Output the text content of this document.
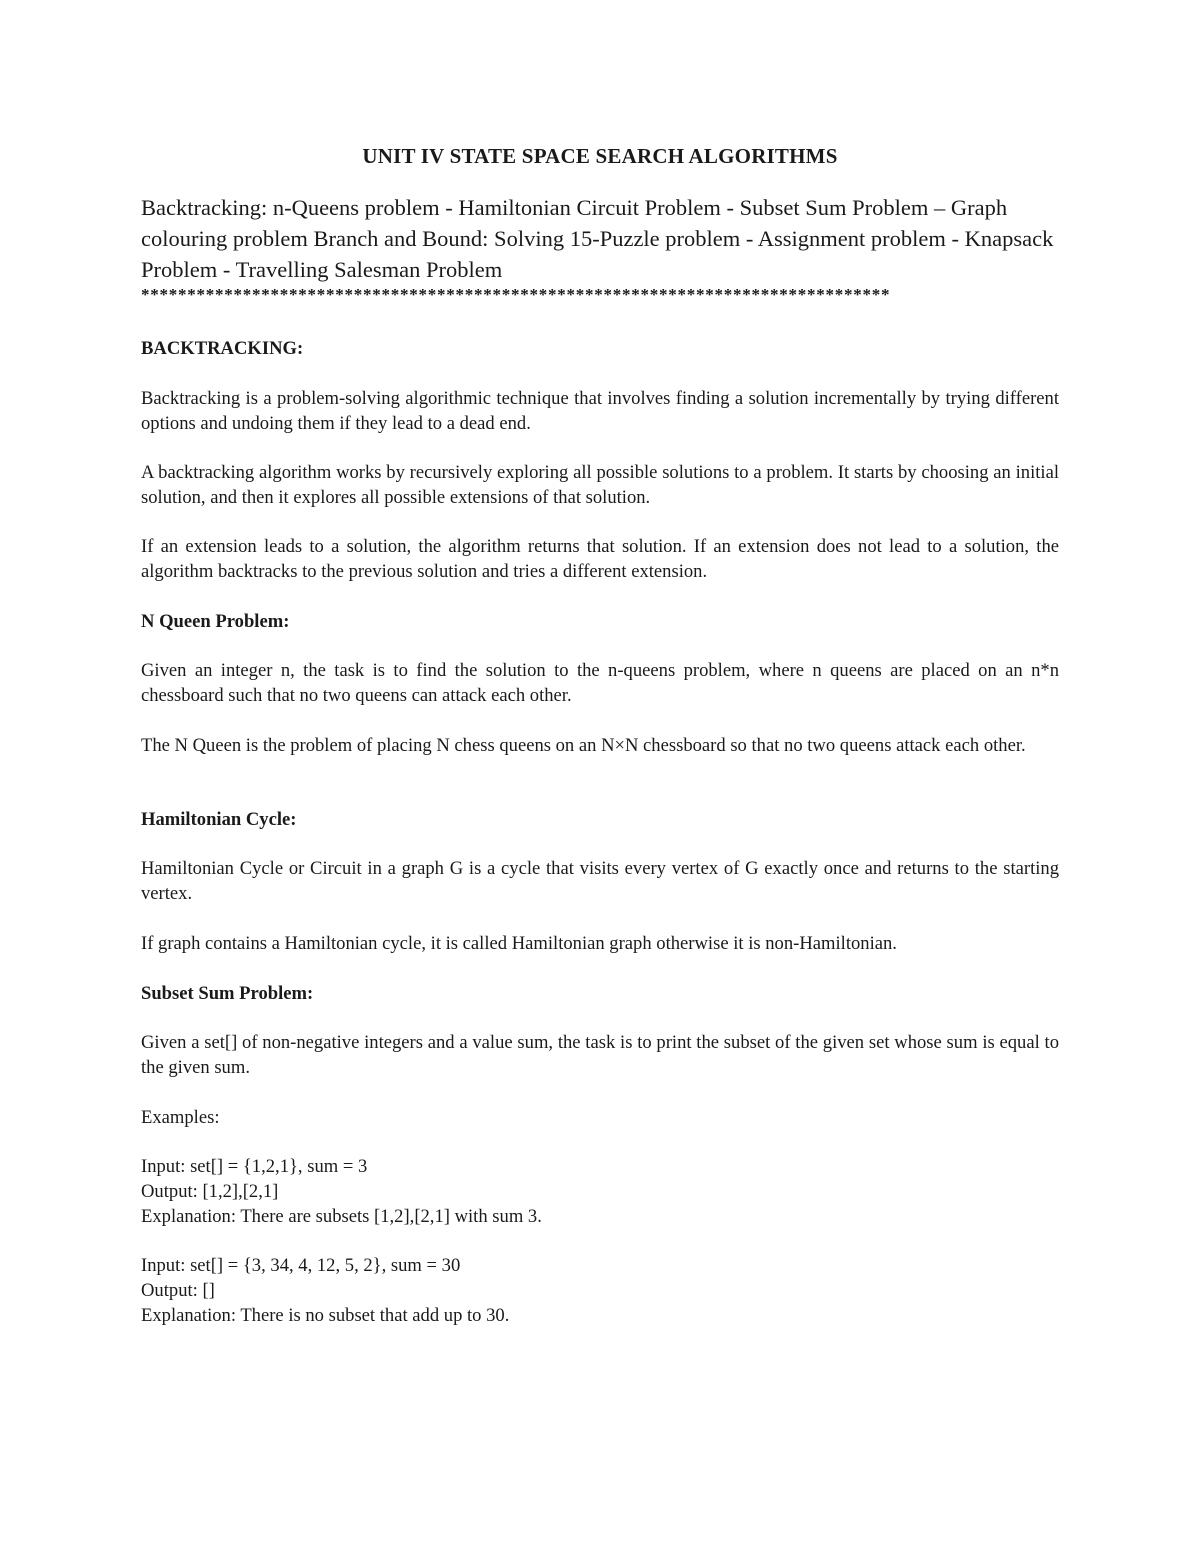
UNIT IV STATE SPACE SEARCH ALGORITHMS

Backtracking: n-Queens problem - Hamiltonian Circuit Problem - Subset Sum Problem – Graph colouring problem Branch and Bound: Solving 15-Puzzle problem - Assignment problem - Knapsack Problem - Travelling Salesman Problem

*********************************************************************************
BACKTRACKING:

Backtracking is a problem-solving algorithmic technique that involves finding a solution incrementally by trying different options and undoing them if they lead to a dead end.

A backtracking algorithm works by recursively exploring all possible solutions to a problem. It starts by choosing an initial solution, and then it explores all possible extensions of that solution.

If an extension leads to a solution, the algorithm returns that solution. If an extension does not lead to a solution, the algorithm backtracks to the previous solution and tries a different extension.

N Queen Problem:

Given an integer n, the task is to find the solution to the n-queens problem, where n queens are placed on an n*n chessboard such that no two queens can attack each other.

The N Queen is the problem of placing N chess queens on an N×N chessboard so that no two queens attack each other.

Hamiltonian Cycle:

Hamiltonian Cycle or Circuit in a graph G is a cycle that visits every vertex of G exactly once and returns to the starting vertex.

If graph contains a Hamiltonian cycle, it is called Hamiltonian graph otherwise it is non-Hamiltonian.

Subset Sum Problem:

Given a set[] of non-negative integers and a value sum, the task is to print the subset of the given set whose sum is equal to the given sum.

Examples:
Input: set[] = {1,2,1}, sum = 3
Output: [1,2],[2,1]
Explanation: There are subsets [1,2],[2,1] with sum 3.
Input: set[] = {3, 34, 4, 12, 5, 2}, sum = 30
Output: []
Explanation: There is no subset that add up to 30.
